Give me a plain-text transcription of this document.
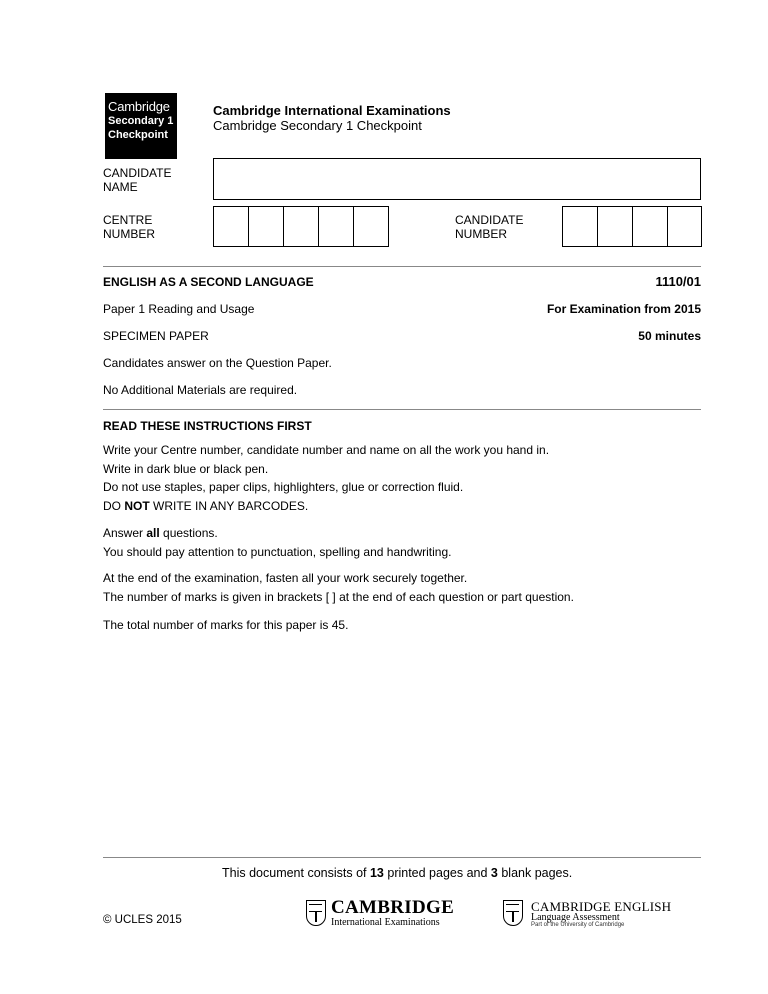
Cambridge
Secondary 1
Checkpoint
Cambridge International Examinations
Cambridge Secondary 1 Checkpoint
CANDIDATE NAME
CENTRE NUMBER
CANDIDATE NUMBER
ENGLISH AS A SECOND LANGUAGE	1110/01
Paper 1 Reading and Usage	For Examination from 2015
SPECIMEN PAPER	50 minutes
Candidates answer on the Question Paper.
No Additional Materials are required.
READ THESE INSTRUCTIONS FIRST
Write your Centre number, candidate number and name on all the work you hand in.
Write in dark blue or black pen.
Do not use staples, paper clips, highlighters, glue or correction fluid.
DO NOT WRITE IN ANY BARCODES.
Answer all questions.
You should pay attention to punctuation, spelling and handwriting.
At the end of the examination, fasten all your work securely together.
The number of marks is given in brackets [ ] at the end of each question or part question.
The total number of marks for this paper is 45.
This document consists of 13 printed pages and 3 blank pages.
© UCLES 2015
CAMBRIDGE
International Examinations
CAMBRIDGE ENGLISH
Language Assessment
Part of the University of Cambridge
